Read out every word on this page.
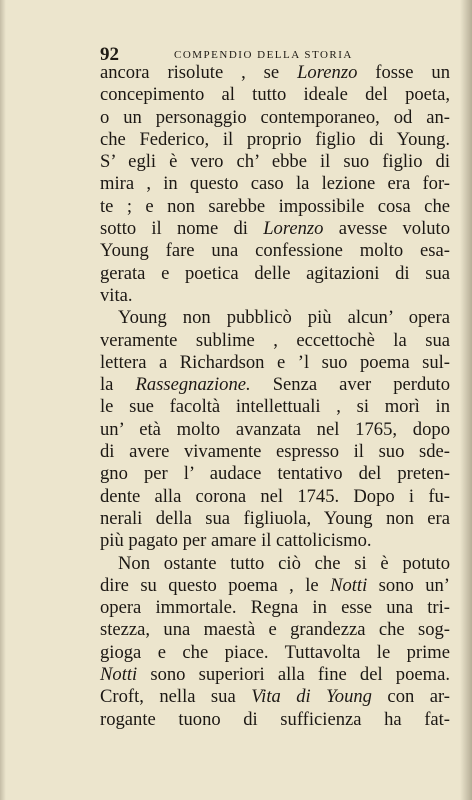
92	COMPENDIO DELLA STORIA
ancora risolute , se Lorenzo fosse un
concepimento al tutto ideale del poeta,
o un personaggio contemporaneo, od an-
che Federico, il proprio figlio di Young.
S’ egli è vero ch’ ebbe il suo figlio di
mira , in questo caso la lezione era for-
te ; e non sarebbe impossibile cosa che
sotto il nome di Lorenzo avesse voluto
Young fare una confessione molto esa-
gerata e poetica delle agitazioni di sua
vita.
Young non pubblicò più alcun’ opera
veramente sublime , eccettochè la sua
lettera a Richardson e ’l suo poema sul-
la Rassegnazione. Senza aver perduto
le sue facoltà intellettuali , si morì in
un’ età molto avanzata nel 1765, dopo
di avere vivamente espresso il suo sde-
gno per l’ audace tentativo del preten-
dente alla corona nel 1745. Dopo i fu-
nerali della sua figliuola, Young non era
più pagato per amare il cattolicismo.
Non ostante tutto ciò che si è potuto
dire su questo poema , le Notti sono un’
opera immortale. Regna in esse una tri-
stezza, una maestà e grandezza che sog-
gioga e che piace. Tuttavolta le prime
Notti sono superiori alla fine del poema.
Croft, nella sua Vita di Young con ar-
rogante tuono di sufficienza ha fat-
